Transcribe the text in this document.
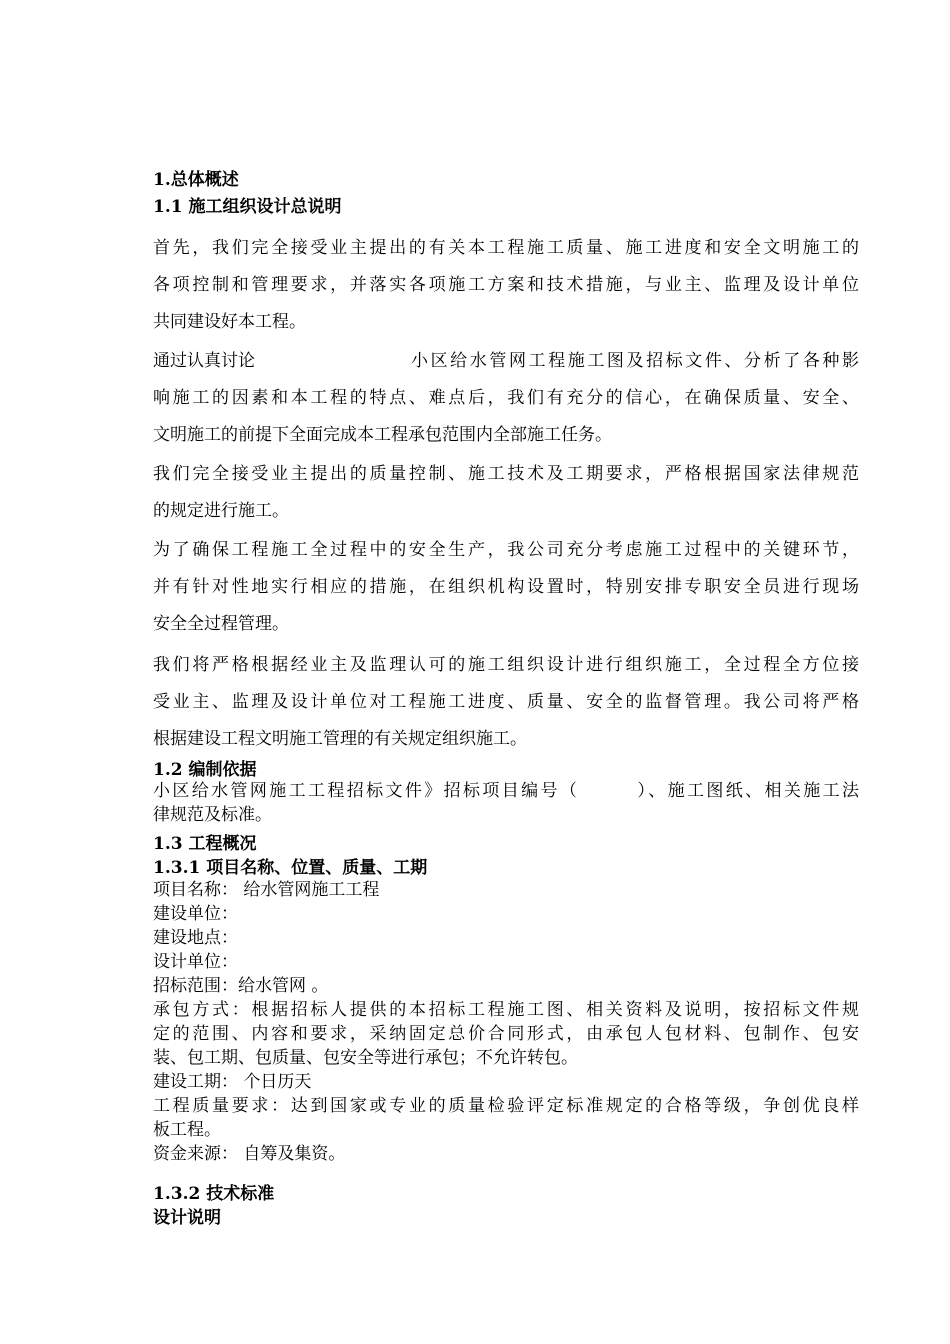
1.总体概述
1.1 施工组织设计总说明
首先，我们完全接受业主提出的有关本工程施工质量、施工进度和安全文明施工的
各项控制和管理要求，并落实各项施工方案和技术措施，与业主、监理及设计单位
共同建设好本工程。
通过认真讨论	小区给水管网工程施工图及招标文件、分析了各种影
响施工的因素和本工程的特点、难点后，我们有充分的信心，在确保质量、安全、
文明施工的前提下全面完成本工程承包范围内全部施工任务。
我们完全接受业主提出的质量控制、施工技术及工期要求，严格根据国家法律规范
的规定进行施工。
为了确保工程施工全过程中的安全生产，我公司充分考虑施工过程中的关键环节，
并有针对性地实行相应的措施，在组织机构设置时，特别安排专职安全员进行现场
安全全过程管理。
我们将严格根据经业主及监理认可的施工组织设计进行组织施工，全过程全方位接
受业主、监理及设计单位对工程施工进度、质量、安全的监督管理。我公司将严格
根据建设工程文明施工管理的有关规定组织施工。
1.2 编制依据
小区给水管网施工工程招标文件》招标项目编号（　　　）、施工图纸、相关施工法
律规范及标准。
1.3 工程概况
1.3.1 项目名称、位置、质量、工期
项目名称： 给水管网施工工程
建设单位：
建设地点：
设计单位：
招标范围：给水管网 。
承包方式：根据招标人提供的本招标工程施工图、相关资料及说明，按招标文件规
定的范围、内容和要求，采纳固定总价合同形式，由承包人包材料、包制作、包安
装、包工期、包质量、包安全等进行承包；不允许转包。
建设工期： 个日历天
工程质量要求：达到国家或专业的质量检验评定标准规定的合格等级，争创优良样
板工程。
资金来源： 自筹及集资。
1.3.2 技术标准
设计说明
